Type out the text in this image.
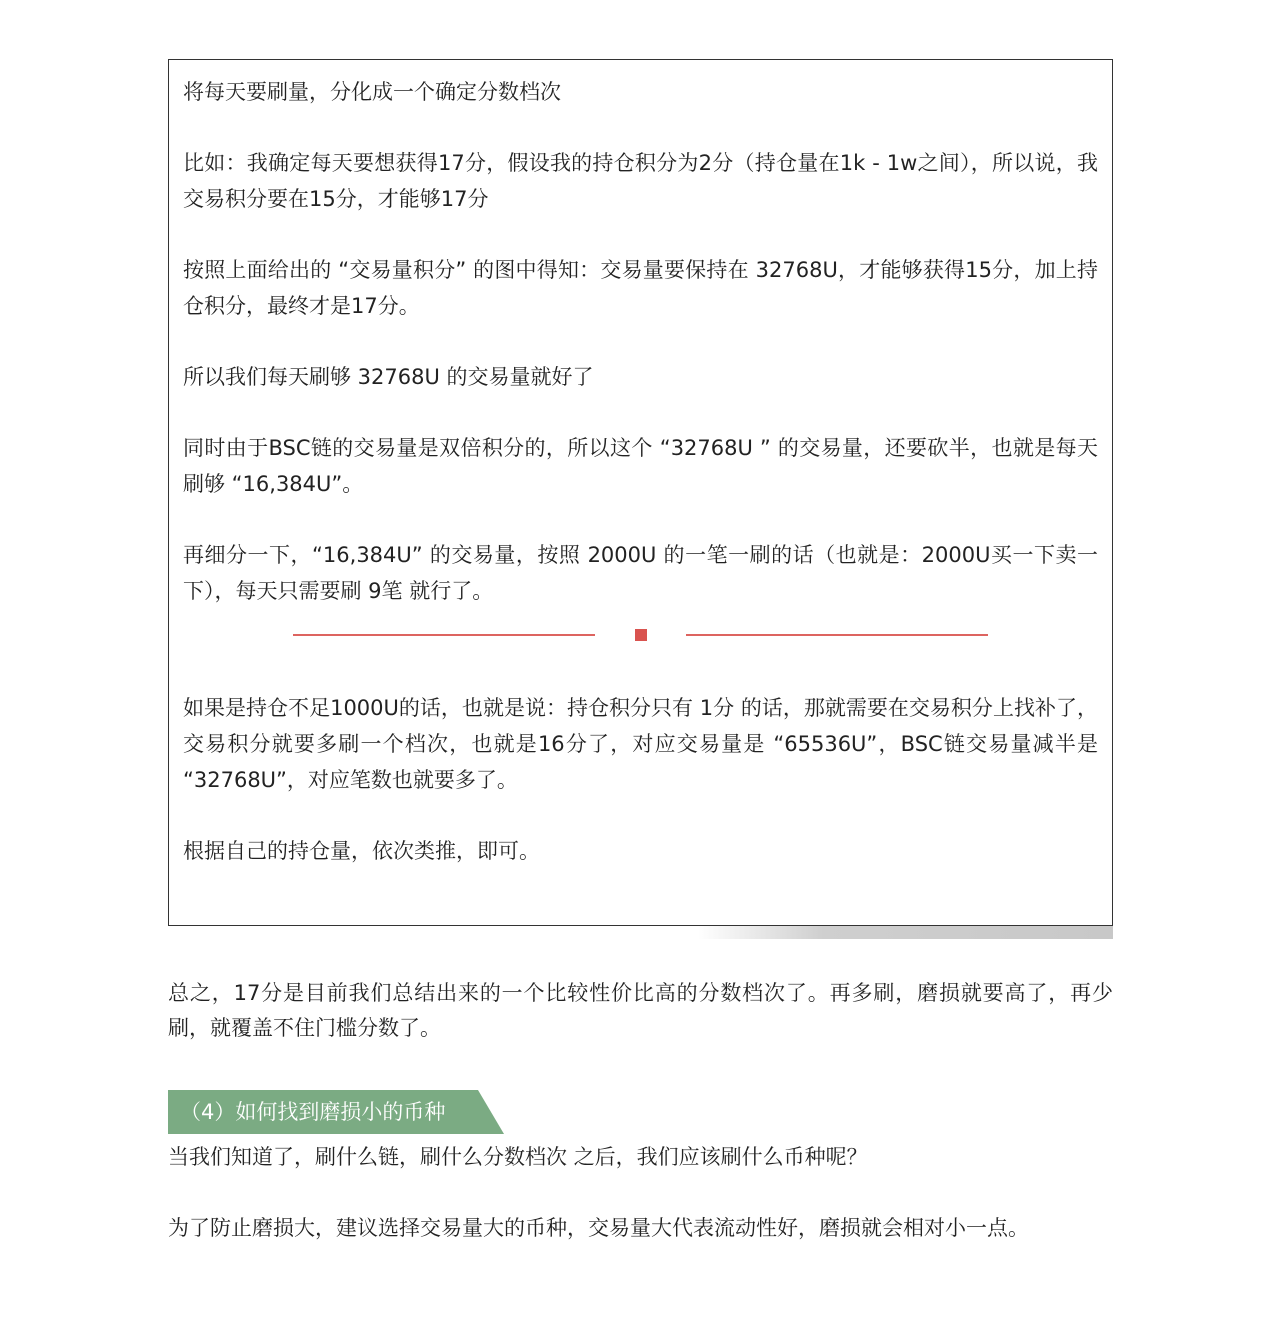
将每天要刷量，分化成一个确定分数档次

比如：我确定每天要想获得17分，假设我的持仓积分为2分（持仓量在1k - 1w之间），所以说，我交易积分要在15分，才能够17分

按照上面给出的 “交易量积分” 的图中得知：交易量要保持在 32768U，才能够获得15分，加上持仓积分，最终才是17分。

所以我们每天刷够 32768U 的交易量就好了

同时由于BSC链的交易量是双倍积分的，所以这个 “32768U ” 的交易量，还要砍半，也就是每天刷够 “16,384U”。

再细分一下，“16,384U” 的交易量，按照 2000U 的一笔一刷的话（也就是：2000U买一下卖一下），每天只需要刷 9笔 就行了。

如果是持仓不足1000U的话，也就是说：持仓积分只有 1分 的话，那就需要在交易积分上找补了，交易积分就要多刷一个档次，也就是16分了，对应交易量是 “65536U”，BSC链交易量减半是 “32768U”，对应笔数也就要多了。

根据自己的持仓量，依次类推，即可。

总之，17分是目前我们总结出来的一个比较性价比高的分数档次了。再多刷，磨损就要高了，再少刷，就覆盖不住门槛分数了。

（4）如何找到磨损小的币种

当我们知道了，刷什么链，刷什么分数档次 之后，我们应该刷什么币种呢？

为了防止磨损大，建议选择交易量大的币种，交易量大代表流动性好，磨损就会相对小一点。
